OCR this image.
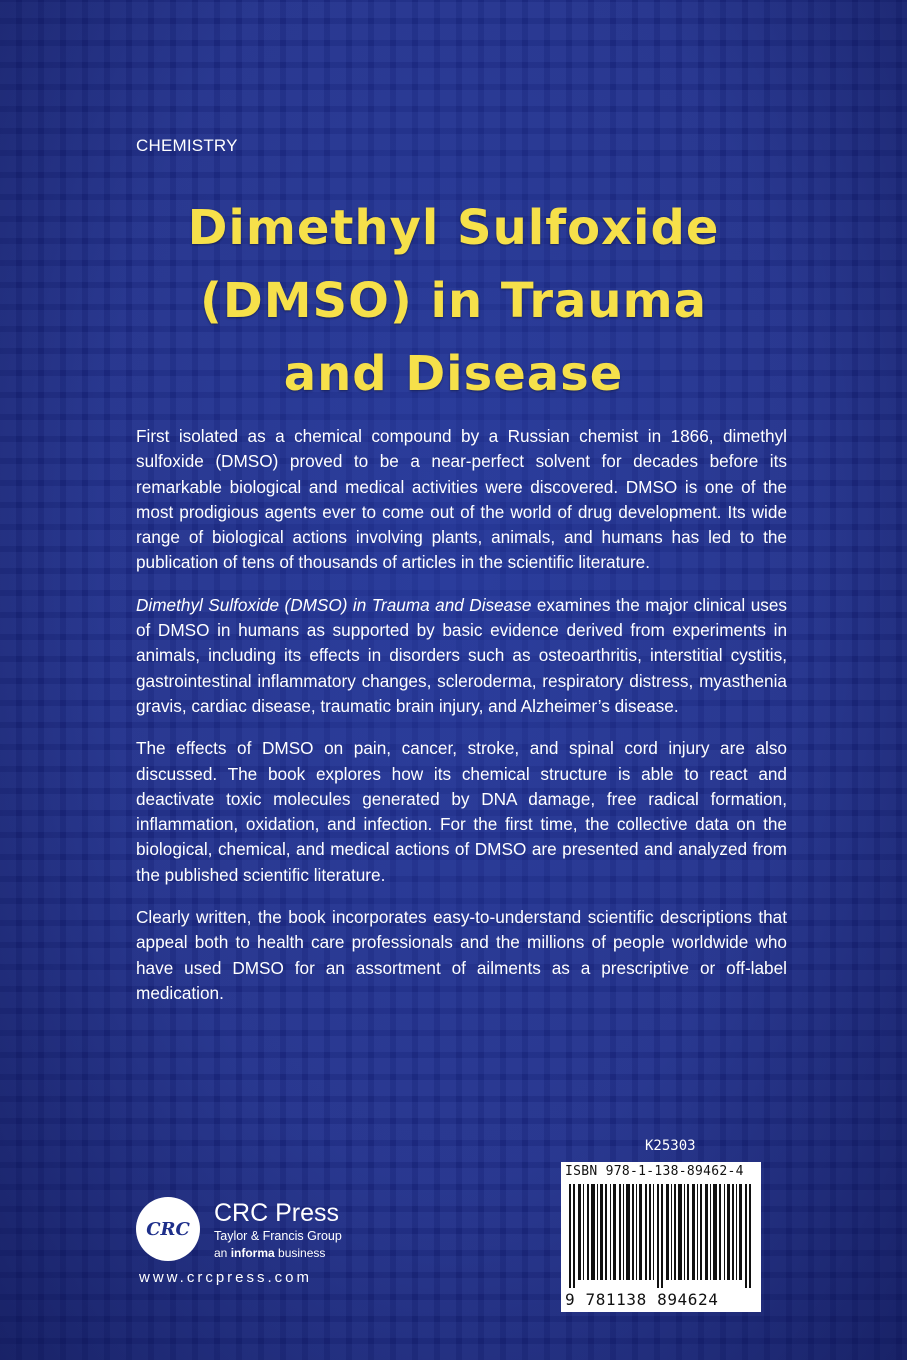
CHEMISTRY
Dimethyl Sulfoxide
(DMSO) in Trauma
and Disease

First isolated as a chemical compound by a Russian chemist in 1866, dimethyl sulfoxide (DMSO) proved to be a near-perfect solvent for decades before its remarkable biological and medical activities were discovered. DMSO is one of the most prodigious agents ever to come out of the world of drug development. Its wide range of biological actions involving plants, animals, and humans has led to the publication of tens of thousands of articles in the scientific literature.

Dimethyl Sulfoxide (DMSO) in Trauma and Disease examines the major clinical uses of DMSO in humans as supported by basic evidence derived from experiments in animals, including its effects in disorders such as osteoarthritis, interstitial cystitis, gastrointestinal inflammatory changes, scleroderma, respiratory distress, myasthenia gravis, cardiac disease, traumatic brain injury, and Alzheimer’s disease.

The effects of DMSO on pain, cancer, stroke, and spinal cord injury are also discussed. The book explores how its chemical structure is able to react and deactivate toxic molecules generated by DNA damage, free radical formation, inflammation, oxidation, and infection. For the first time, the collective data on the biological, chemical, and medical actions of DMSO are presented and analyzed from the published scientific literature.

Clearly written, the book incorporates easy-to-understand scientific descriptions that appeal both to health care professionals and the millions of people worldwide who have used DMSO for an assortment of ailments as a prescriptive or off-label medication.

K25303
ISBN 978-1-138-89462-4
9 781138 894624
CRC
CRC Press
Taylor & Francis Group
an informa business
www.crcpress.com
